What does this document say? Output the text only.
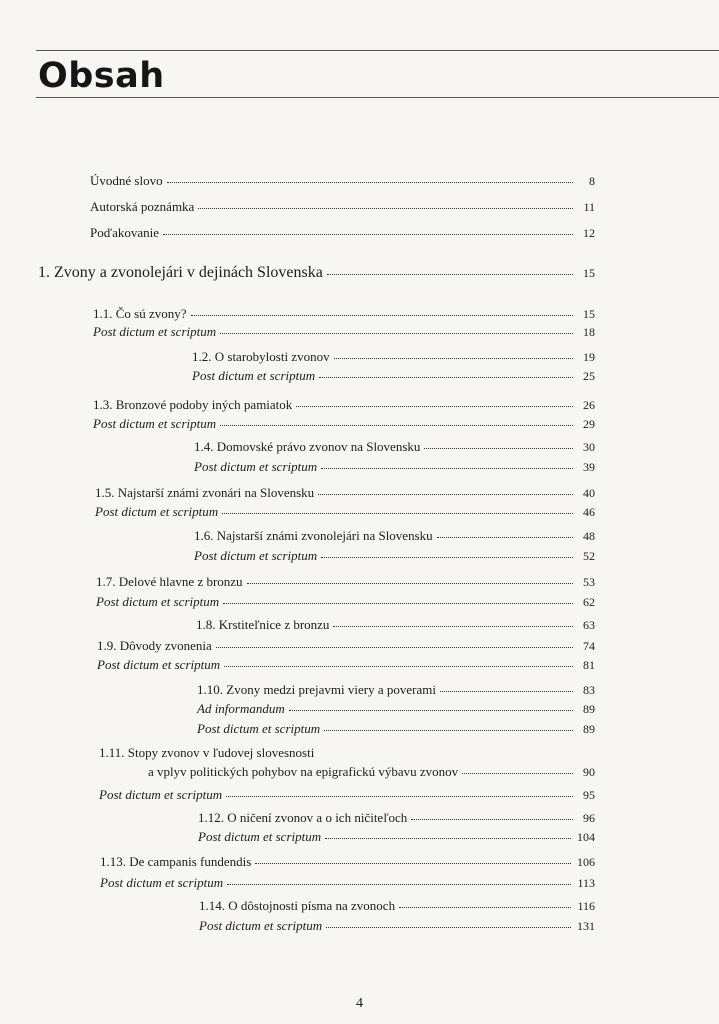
Obsah
Úvodné slovo	8
Autorská poznámka	11
Poďakovanie	12
1. Zvony a zvonolejári v dejinách Slovenska	15
1.1. Čo sú zvony?	15
Post dictum et scriptum	18
1.2. O starobylosti zvonov	19
Post dictum et scriptum	25
1.3. Bronzové podoby iných pamiatok	26
Post dictum et scriptum	29
1.4. Domovské právo zvonov na Slovensku	30
Post dictum et scriptum	39
1.5. Najstarší známi zvonári na Slovensku	40
Post dictum et scriptum	46
1.6. Najstarší známi zvonolejári na Slovensku	48
Post dictum et scriptum	52
1.7. Delové hlavne z bronzu	53
Post dictum et scriptum	62
1.8. Krstiteľnice z bronzu	63
1.9. Dôvody zvonenia	74
Post dictum et scriptum	81
1.10. Zvony medzi prejavmi viery a poverami	83
Ad informandum	89
Post dictum et scriptum	89
1.11. Stopy zvonov v ľudovej slovesnosti
a vplyv politických pohybov na epigrafickú výbavu zvonov	90
Post dictum et scriptum	95
1.12. O ničení zvonov a o ich ničiteľoch	96
Post dictum et scriptum	104
1.13. De campanis fundendis	106
Post dictum et scriptum	113
1.14. O dôstojnosti písma na zvonoch	116
Post dictum et scriptum	131
4
